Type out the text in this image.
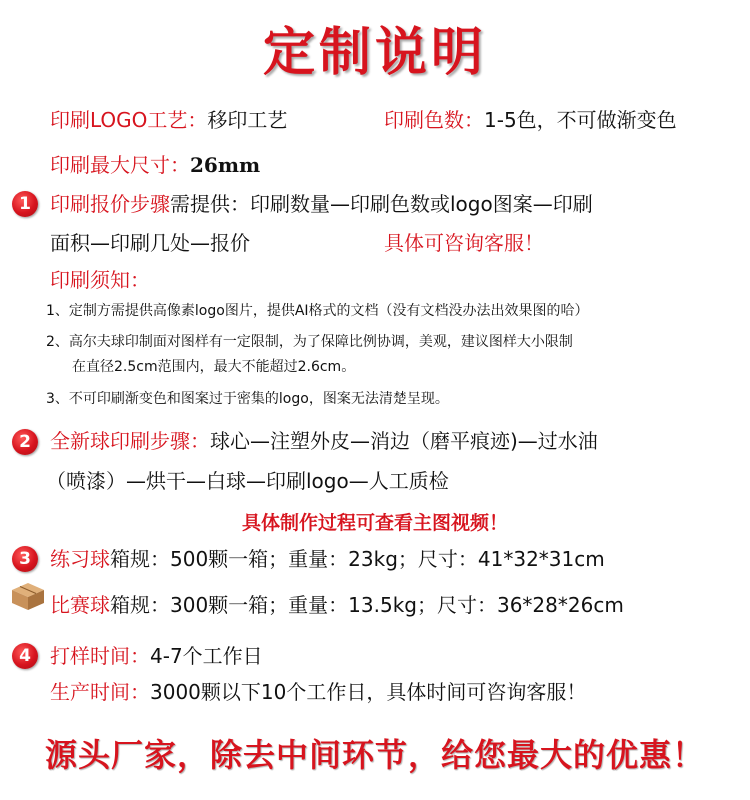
定制说明
印刷LOGO工艺：移印工艺	印刷色数：1-5色，不可做渐变色
印刷最大尺寸：26mm
1 印刷报价步骤需提供：印刷数量—印刷色数或logo图案—印刷
面积—印刷几处—报价	具体可咨询客服！
印刷须知：
1、定制方需提供高像素logo图片，提供AI格式的文档（没有文档没办法出效果图的哈）
2、高尔夫球印制面对图样有一定限制，为了保障比例协调，美观，建议图样大小限制
在直径2.5cm范围内，最大不能超过2.6cm。
3、不可印刷渐变色和图案过于密集的logo，图案无法清楚呈现。
2 全新球印刷步骤：球心—注塑外皮—消边（磨平痕迹)—过水油
（喷漆）—烘干—白球—印刷logo—人工质检
具体制作过程可查看主图视频！
3 练习球箱规：500颗一箱；重量：23kg；尺寸：41*32*31cm
比赛球箱规：300颗一箱；重量：13.5kg；尺寸：36*28*26cm
4 打样时间：4-7个工作日
生产时间：3000颗以下10个工作日，具体时间可咨询客服！
源头厂家，除去中间环节，给您最大的优惠！
